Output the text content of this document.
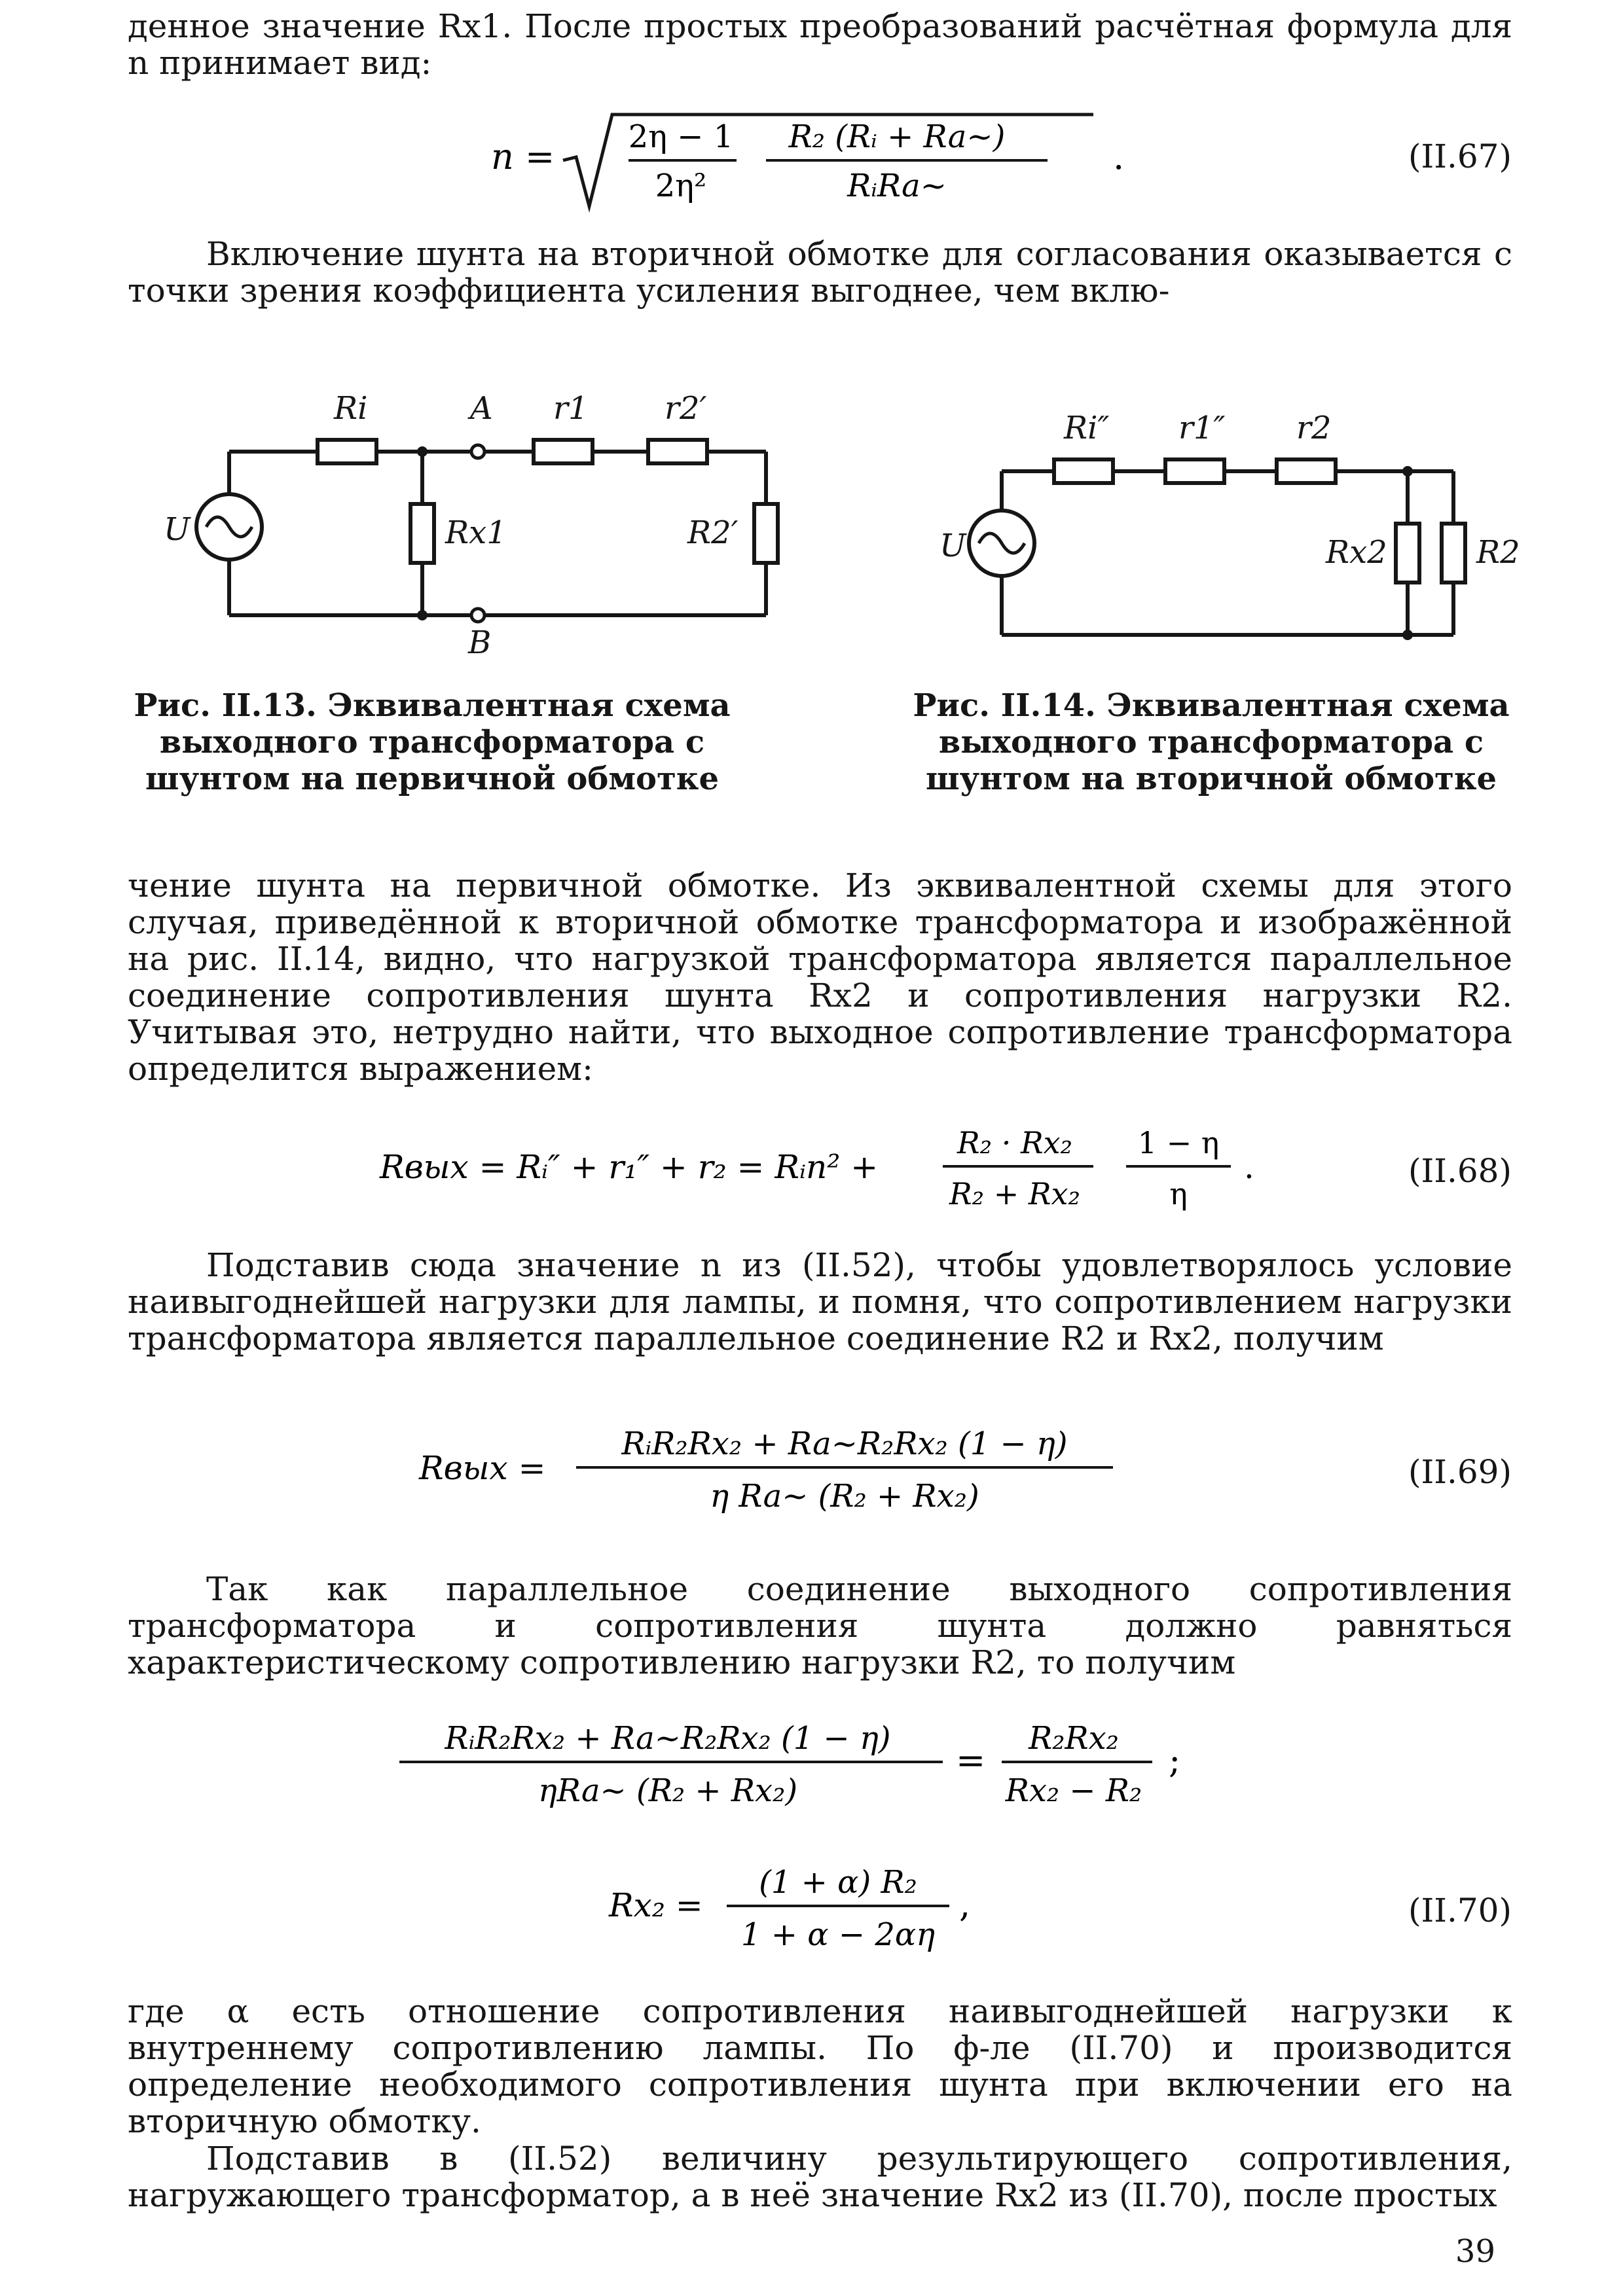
денное значение Rx1. После простых преобразований расчётная формула для n принимает вид:

n = 2η − 1
2η²
R₂ (Rᵢ + Ra~)
RᵢRa~
.	(II.67)

Включение шунта на вторичной обмотке для согласования оказывается с точки зрения коэффициента усиления выгоднее, чем вклю-

U
Ri	A r1 r2′
Rx1	R2′
B
U
Ri″ r1″ r2
Rx2	R2
Рис. II.13. Эквивалентная схема выходного трансформатора с шунтом на первичной обмотке
Рис. II.14. Эквивалентная схема выходного трансформатора с шунтом на вторичной обмотке

чение шунта на первичной обмотке. Из эквивалентной схемы для этого случая, приведённой к вторичной обмотке трансформатора и изображённой на рис. II.14, видно, что нагрузкой трансформатора является параллельное соединение сопротивления шунта Rx2 и сопротивления нагрузки R2. Учитывая это, нетрудно найти, что выходное сопротивление трансформатора определится выражением:

Rвых = Rᵢ″ + r₁″ + r₂ = Rᵢn² +
R₂ · Rx₂
R₂ + Rx₂
1 − η
η
.	(II.68)

Подставив сюда значение n из (II.52), чтобы удовлетворялось условие наивыгоднейшей нагрузки для лампы, и помня, что сопротивлением нагрузки трансформатора является параллельное соединение R2 и Rx2, получим

Rвых =
RᵢR₂Rx₂ + Ra~R₂Rx₂ (1 − η)
η Ra~ (R₂ + Rx₂)
(II.69)

Так как параллельное соединение выходного сопротивления трансформатора и сопротивления шунта должно равняться характеристическому сопротивлению нагрузки R2, то получим

RᵢR₂Rx₂ + Ra~R₂Rx₂ (1 − η)
ηRa~ (R₂ + Rx₂)
=
R₂Rx₂
Rx₂ − R₂
;
Rx₂ =
(1 + α) R₂
1 + α − 2αη
,	(II.70)

где α есть отношение сопротивления наивыгоднейшей нагрузки к внутреннему сопротивлению лампы. По ф-ле (II.70) и производится определение необходимого сопротивления шунта при включении его на вторичную обмотку.

Подставив в (II.52) величину результирующего сопротивления, нагружающего трансформатор, а в неё значение Rx2 из (II.70), после простых

39
